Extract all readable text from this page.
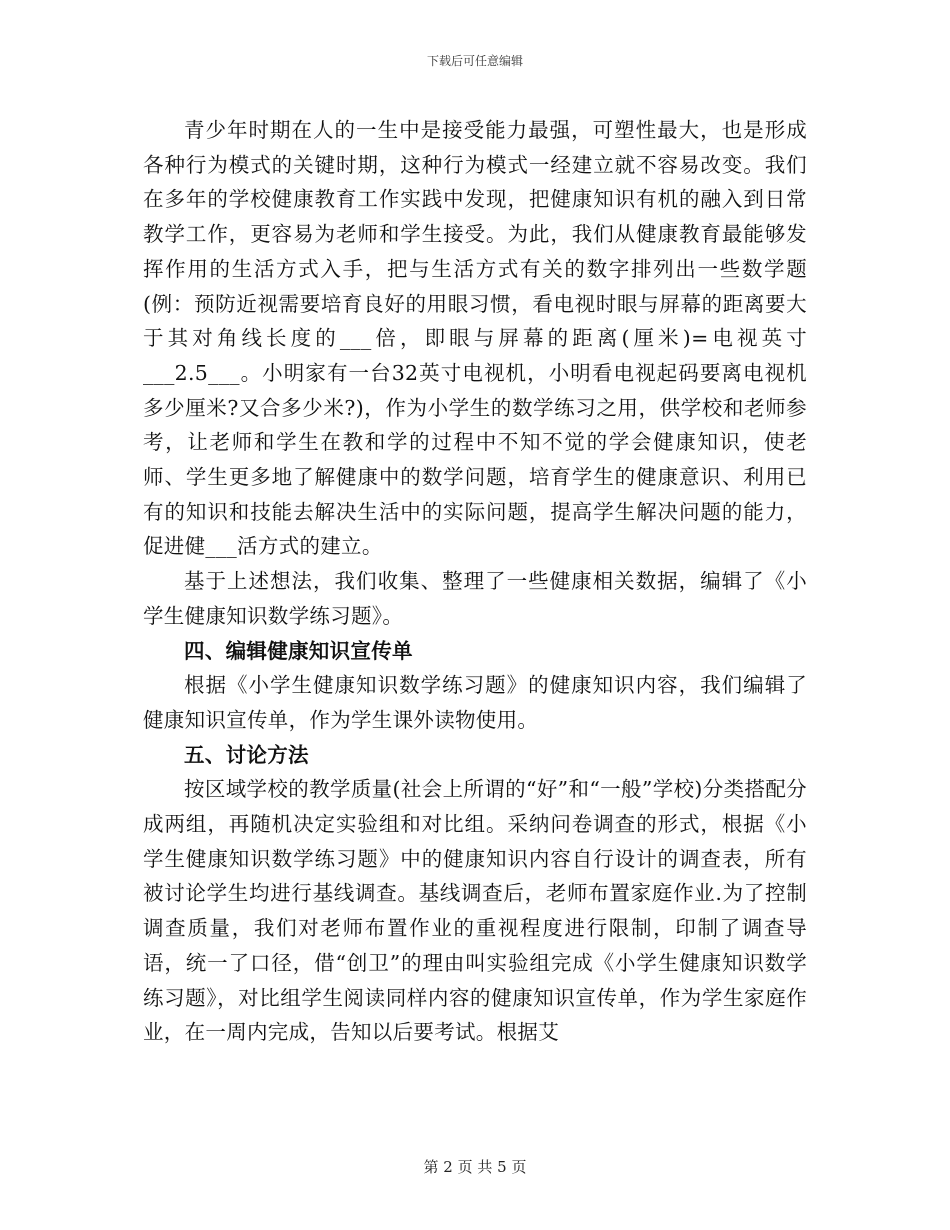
下载后可任意编辑

青少年时期在人的一生中是接受能力最强，可塑性最大，也是形成各种行为模式的关键时期，这种行为模式一经建立就不容易改变。我们在多年的学校健康教育工作实践中发现，把健康知识有机的融入到日常教学工作，更容易为老师和学生接受。为此，我们从健康教育最能够发挥作用的生活方式入手，把与生活方式有关的数字排列出一些数学题(例：预防近视需要培育良好的用眼习惯，看电视时眼与屏幕的距离要大于其对角线长度的___倍，即眼与屏幕的距离(厘米)=电视英寸___2.5___。小明家有一台32英寸电视机，小明看电视起码要离电视机多少厘米?又合多少米?)，作为小学生的数学练习之用，供学校和老师参考，让老师和学生在教和学的过程中不知不觉的学会健康知识，使老师、学生更多地了解健康中的数学问题，培育学生的健康意识、利用已有的知识和技能去解决生活中的实际问题，提高学生解决问题的能力，促进健___活方式的建立。

基于上述想法，我们收集、整理了一些健康相关数据，编辑了《小学生健康知识数学练习题》。

四、编辑健康知识宣传单

根据《小学生健康知识数学练习题》的健康知识内容，我们编辑了健康知识宣传单，作为学生课外读物使用。

五、讨论方法

按区域学校的教学质量(社会上所谓的“好”和“一般”学校)分类搭配分成两组，再随机决定实验组和对比组。采纳问卷调查的形式，根据《小学生健康知识数学练习题》中的健康知识内容自行设计的调查表，所有被讨论学生均进行基线调查。基线调查后，老师布置家庭作业.为了控制调查质量，我们对老师布置作业的重视程度进行限制，印制了调查导语，统一了口径，借“创卫”的理由叫实验组完成《小学生健康知识数学练习题》，对比组学生阅读同样内容的健康知识宣传单，作为学生家庭作业，在一周内完成，告知以后要考试。根据艾

第 2 页 共 5 页
